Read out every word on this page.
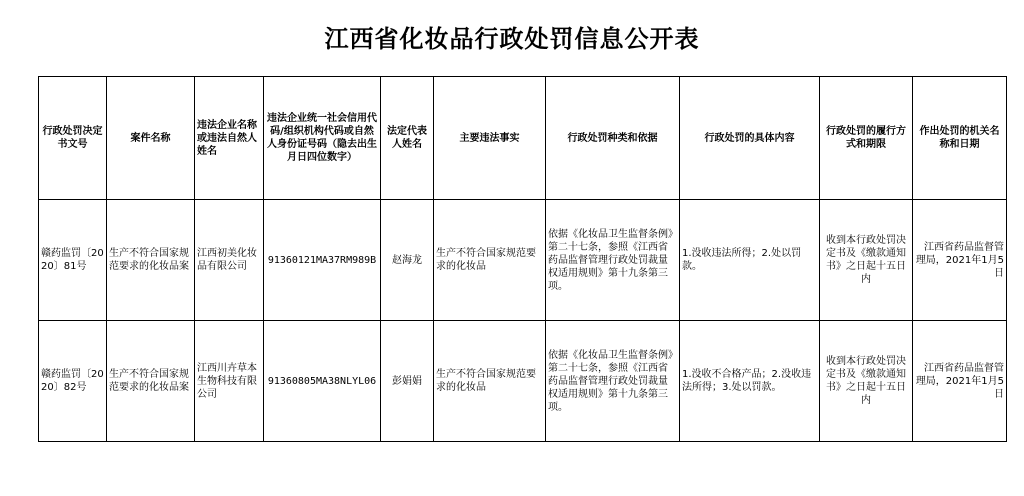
江西省化妆品行政处罚信息公开表
行政处罚决定书文号	案件名称	违法企业名称或违法自然人姓名	违法企业统一社会信用代码/组织机构代码或自然人身份证号码（隐去出生月日四位数字）	法定代表人姓名	主要违法事实	行政处罚种类和依据	行政处罚的具体内容	行政处罚的履行方式和期限	作出处罚的机关名称和日期
赣药监罚〔2020〕81号	生产不符合国家规范要求的化妆品案	江西初美化妆品有限公司	91360121MA37RM989B	赵海龙	生产不符合国家规范要求的化妆品	依据《化妆品卫生监督条例》第二十七条，参照《江西省药品监督管理行政处罚裁量权适用规则》第十九条第三项。	1.没收违法所得；2.处以罚款。	收到本行政处罚决定书及《缴款通知书》之日起十五日内	江西省药品监督管理局，2021年1月5日
赣药监罚〔2020〕82号	生产不符合国家规范要求的化妆品案	江西川卉草本生物科技有限公司	91360805MA38NLYL06	彭娟娟	生产不符合国家规范要求的化妆品	依据《化妆品卫生监督条例》第二十七条，参照《江西省药品监督管理行政处罚裁量权适用规则》第十九条第三项。	1.没收不合格产品；2.没收违法所得；3.处以罚款。	收到本行政处罚决定书及《缴款通知书》之日起十五日内	江西省药品监督管理局，2021年1月5日
